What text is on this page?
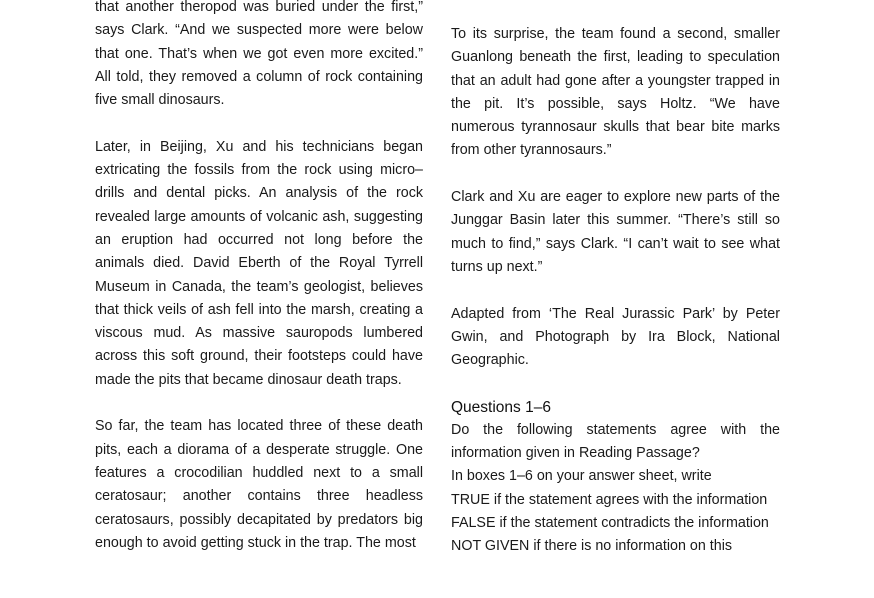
that another theropod was buried under the first,” says Clark. “And we suspected more were below that one. That’s when we got even more excited.” All told, they removed a column of rock containing five small dinosaurs.

Later, in Beijing, Xu and his technicians began extricating the fossils from the rock using micro–drills and dental picks. An analysis of the rock revealed large amounts of volcanic ash, suggesting an eruption had occurred not long before the animals died. David Eberth of the Royal Tyrrell Museum in Canada, the team’s geologist, believes that thick veils of ash fell into the marsh, creating a viscous mud. As massive sauropods lumbered across this soft ground, their footsteps could have made the pits that became dinosaur death traps.

So far, the team has located three of these death pits, each a diorama of a desperate struggle. One features a crocodilian huddled next to a small ceratosaur; another contains three headless ceratosaurs, possibly decapitated by predators big enough to avoid getting stuck in the trap. The most

To its surprise, the team found a second, smaller Guanlong beneath the first, leading to speculation that an adult had gone after a youngster trapped in the pit. It’s possible, says Holtz. “We have numerous tyrannosaur skulls that bear bite marks from other tyrannosaurs.”

Clark and Xu are eager to explore new parts of the Junggar Basin later this summer. “There’s still so much to find,” says Clark. “I can’t wait to see what turns up next.”

Adapted from ‘The Real Jurassic Park’ by Peter Gwin, and Photograph by Ira Block, National Geographic.

Questions 1–6

Do the following statements agree with the information given in Reading Passage?

In boxes 1–6 on your answer sheet, write

TRUE if the statement agrees with the information

FALSE if the statement contradicts the information

NOT GIVEN if there is no information on this
